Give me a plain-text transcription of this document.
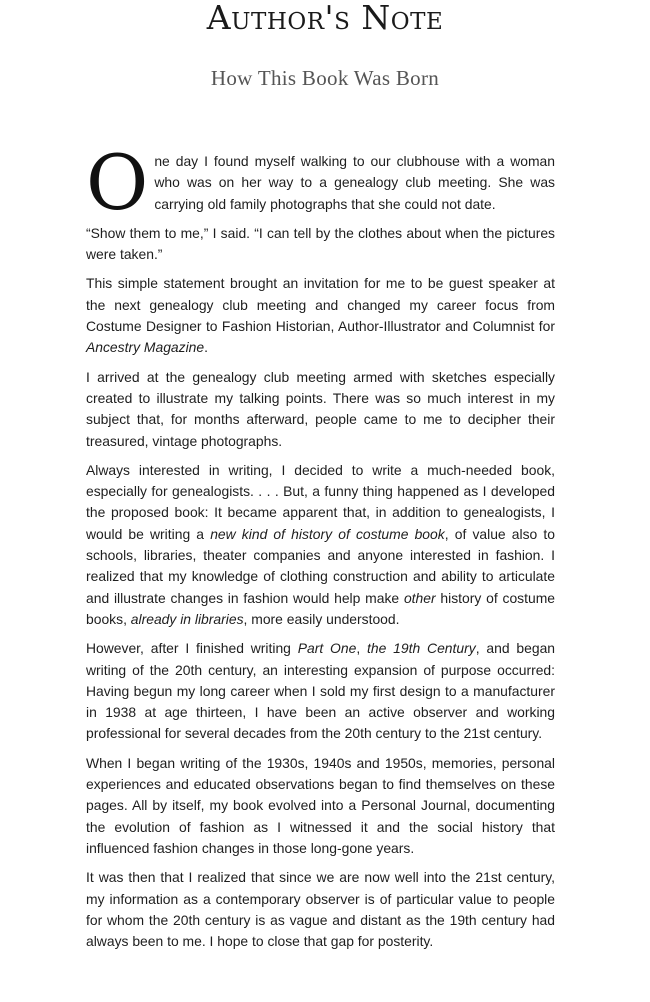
Author's Note
How This Book Was Born

One day I found myself walking to our clubhouse with a woman who was on her way to a genealogy club meeting. She was carrying old family photographs that she could not date.

“Show them to me,” I said. “I can tell by the clothes about when the pictures were taken.”

This simple statement brought an invitation for me to be guest speaker at the next genealogy club meeting and changed my career focus from Costume Designer to Fashion Historian, Author-Illustrator and Columnist for Ancestry Magazine.

I arrived at the genealogy club meeting armed with sketches especially created to illustrate my talking points. There was so much interest in my subject that, for months afterward, people came to me to decipher their treasured, vintage photographs.

Always interested in writing, I decided to write a much-needed book, especially for genealogists. . . . But, a funny thing happened as I developed the proposed book: It became apparent that, in addition to genealogists, I would be writing a new kind of history of costume book, of value also to schools, libraries, theater companies and anyone interested in fashion. I realized that my knowledge of clothing construction and ability to articulate and illustrate changes in fashion would help make other history of costume books, already in libraries, more easily understood.

However, after I finished writing Part One, the 19th Century, and began writing of the 20th century, an interesting expansion of purpose occurred: Having begun my long career when I sold my first design to a manufacturer in 1938 at age thirteen, I have been an active observer and working professional for several decades from the 20th century to the 21st century.

When I began writing of the 1930s, 1940s and 1950s, memories, personal experiences and educated observations began to find themselves on these pages. All by itself, my book evolved into a Personal Journal, documenting the evolution of fashion as I witnessed it and the social history that influenced fashion changes in those long-gone years.

It was then that I realized that since we are now well into the 21st century, my information as a contemporary observer is of particular value to people for whom the 20th century is as vague and distant as the 19th century had always been to me. I hope to close that gap for posterity.
